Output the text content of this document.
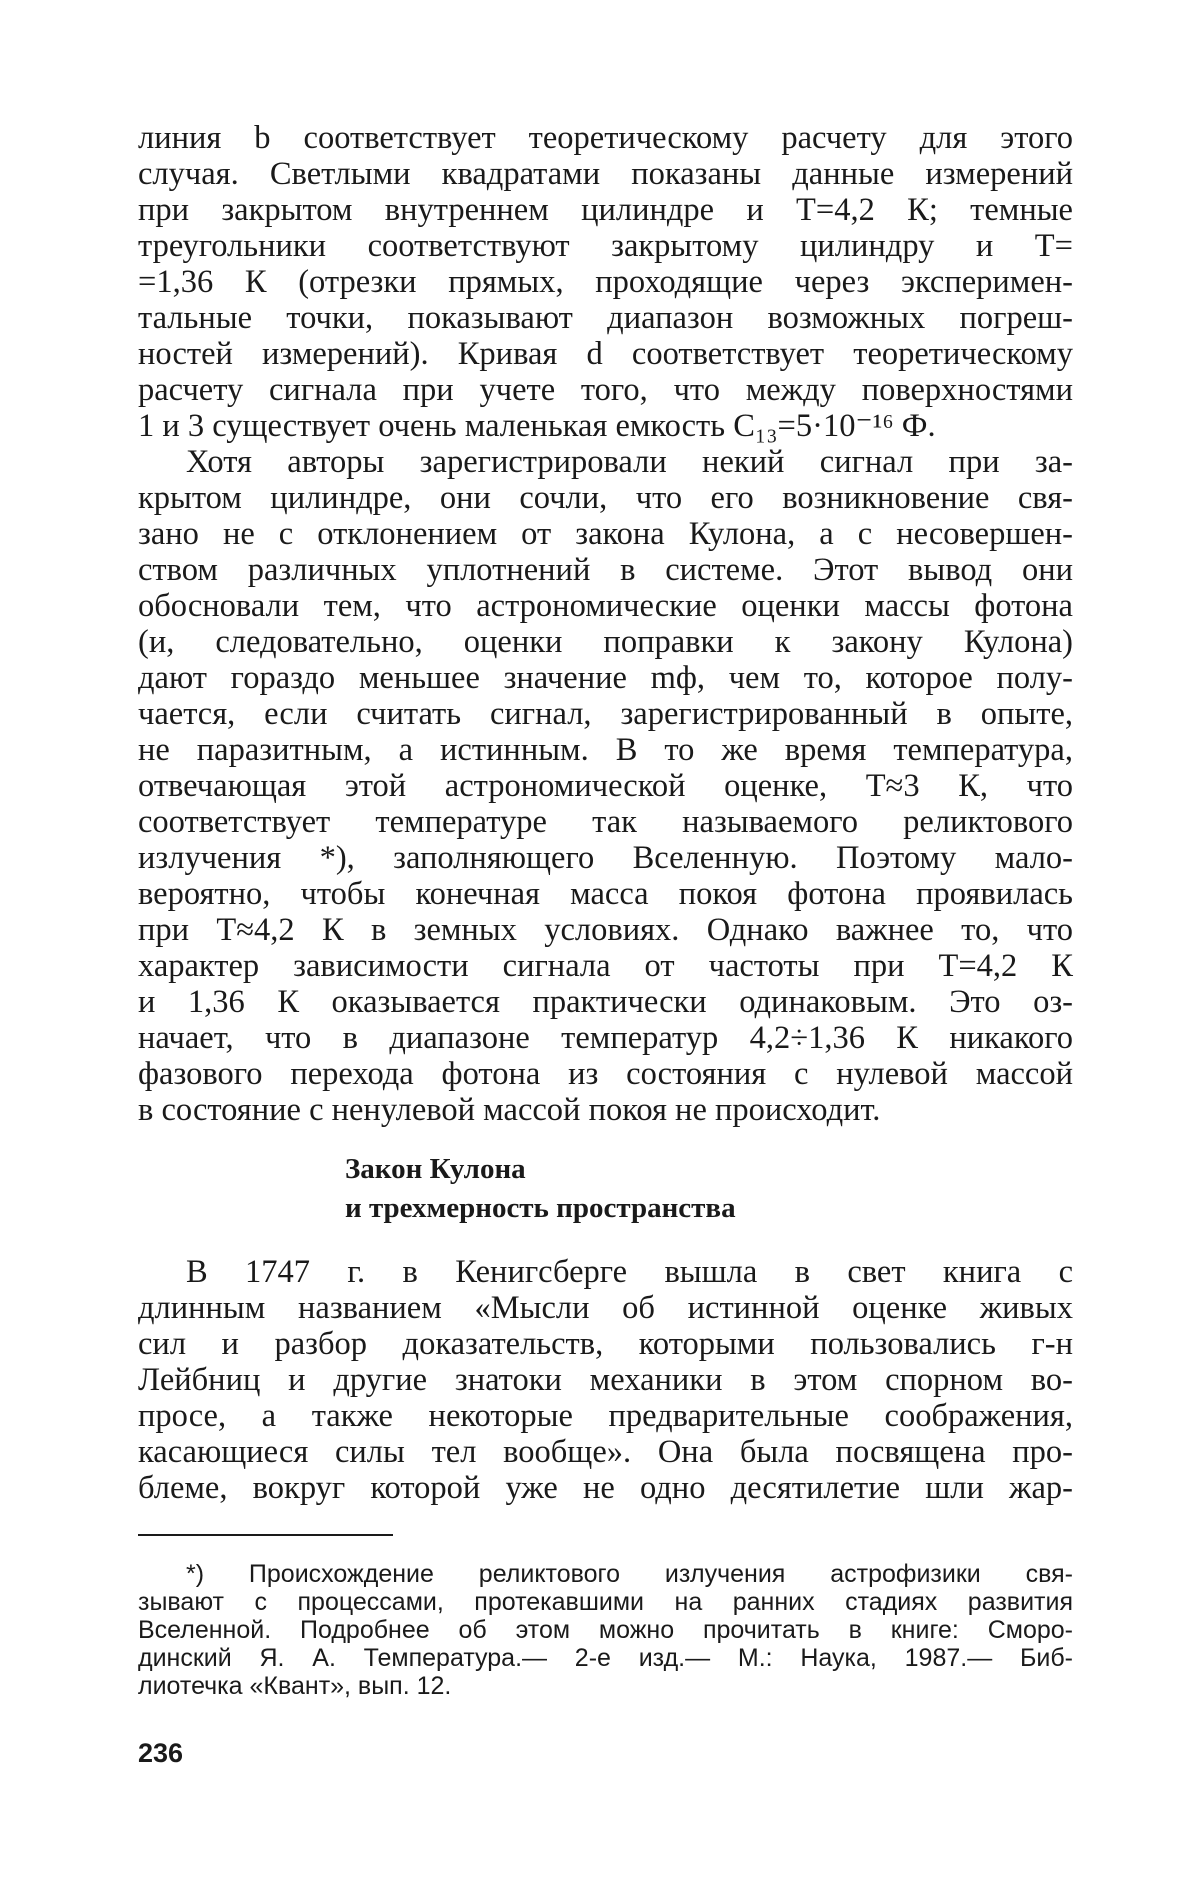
линия b соответствует теоретическому расчету для этого
случая. Светлыми квадратами показаны данные измерений
при закрытом внутреннем цилиндре и T=4,2 К; темные
треугольники соответствуют закрытому цилиндру и T=
=1,36 К (отрезки прямых, проходящие через эксперимен-
тальные точки, показывают диапазон возможных погреш-
ностей измерений). Кривая d соответствует теоретическому
расчету сигнала при учете того, что между поверхностями
1 и 3 существует очень маленькая емкость C₁₃=5·10⁻¹⁶ Ф.
Хотя авторы зарегистрировали некий сигнал при за-
крытом цилиндре, они сочли, что его возникновение свя-
зано не с отклонением от закона Кулона, а с несовершен-
ством различных уплотнений в системе. Этот вывод они
обосновали тем, что астрономические оценки массы фотона
(и, следовательно, оценки поправки к закону Кулона)
дают гораздо меньшее значение mф, чем то, которое полу-
чается, если считать сигнал, зарегистрированный в опыте,
не паразитным, а истинным. В то же время температура,
отвечающая этой астрономической оценке, T≈3 К, что
соответствует температуре так называемого реликтового
излучения *), заполняющего Вселенную. Поэтому мало-
вероятно, чтобы конечная масса покоя фотона проявилась
при T≈4,2 К в земных условиях. Однако важнее то, что
характер зависимости сигнала от частоты при T=4,2 К
и 1,36 К оказывается практически одинаковым. Это оз-
начает, что в диапазоне температур 4,2÷1,36 К никакого
фазового перехода фотона из состояния с нулевой массой
в состояние с ненулевой массой покоя не происходит.
Закон Кулона
и трехмерность пространства
В 1747 г. в Кенигсберге вышла в свет книга с
длинным названием «Мысли об истинной оценке живых
сил и разбор доказательств, которыми пользовались г-н
Лейбниц и другие знатоки механики в этом спорном во-
просе, а также некоторые предварительные соображения,
касающиеся силы тел вообще». Она была посвящена про-
блеме, вокруг которой уже не одно десятилетие шли жар-
*) Происхождение реликтового излучения астрофизики свя-
зывают с процессами, протекавшими на ранних стадиях развития
Вселенной. Подробнее об этом можно прочитать в книге: Сморо-
динский Я. А. Температура.— 2-е изд.— М.: Наука, 1987.— Биб-
лиотечка «Квант», вып. 12.
236
